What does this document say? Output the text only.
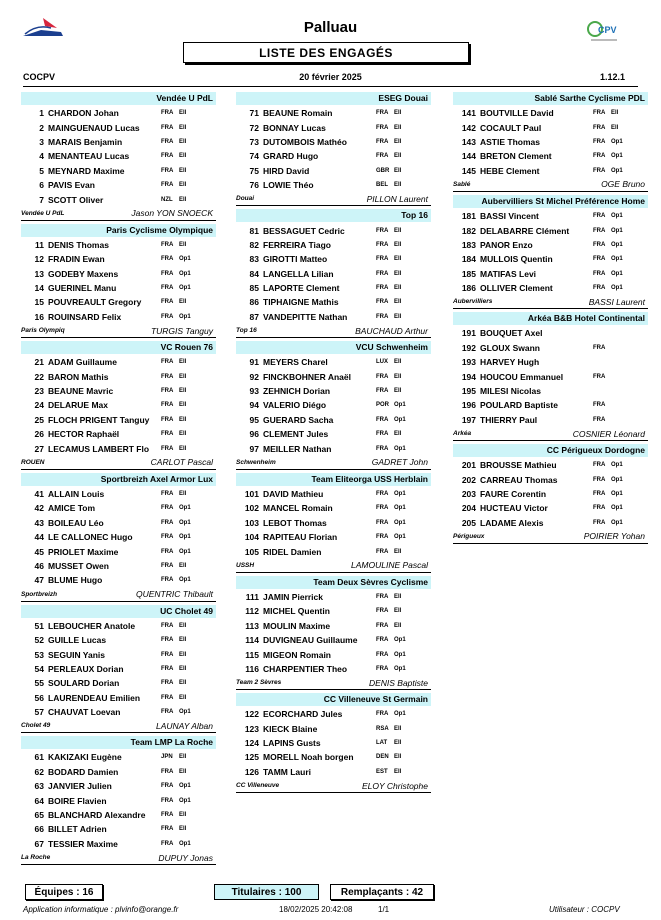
CPV
Palluau
LISTE DES ENGAGÉS
COCPV	20 février 2025	1.12.1
Vendée U PdL
1 CHARDON Johan	FRA Ell
2 MAINGUENAUD Lucas	FRA Ell
3 MARAIS Benjamin	FRA Ell
4 MENANTEAU Lucas	FRA Ell
5 MEYNARD Maxime	FRA Ell
6 PAVIS Evan	FRA Ell
7 SCOTT Oliver	NZL	Ell
Vendée U PdL	Jason YON SNOECK
Paris Cyclisme Olympique
11 DENIS Thomas	FRA Ell
12 FRADIN Ewan	FRA Op1
13 GODEBY Maxens	FRA Op1
14 GUERINEL Manu	FRA Op1
15 POUVREAULT Gregory	FRA Ell
16 ROUINSARD Felix	FRA Op1
Paris Olympiq	TURGIS Tanguy
VC Rouen 76
21 ADAM Guillaume	FRA Ell
22 BARON Mathis	FRA Ell
23 BEAUNE Mavric	FRA Ell
24 DELARUE Max	FRA Ell
25 FLOCH PRIGENT Tanguy	FRA Ell
26 HECTOR Raphaël	FRA Ell
27 LECAMUS LAMBERT Flo	FRA Ell
ROUEN	CARLOT Pascal
Sportbreizh Axel Armor Lux
41 ALLAIN Louis	FRA Ell
42 AMICE Tom	FRA Op1
43 BOILEAU Léo	FRA Op1
44 LE CALLONEC Hugo	FRA Op1
45 PRIOLET Maxime	FRA Op1
46 MUSSET Owen	FRA Ell
47 BLUME Hugo	FRA Op1
Sportbreizh	QUENTRIC Thibault
UC Cholet 49
51 LEBOUCHER Anatole	FRA Ell
52 GUILLE Lucas	FRA Ell
53 SEGUIN Yanis	FRA Ell
54 PERLEAUX Dorian	FRA Ell
55 SOULARD Dorian	FRA Ell
56 LAURENDEAU Emilien	FRA Ell
57 CHAUVAT Loevan	FRA Op1
Cholet 49	LAUNAY Alban
Team LMP La Roche
61 KAKIZAKI Eugène	JPN	Ell
62 BODARD Damien	FRA Ell
63 JANVIER Julien	FRA Op1
64 BOIRE Flavien	FRA Op1
65 BLANCHARD Alexandre	FRA Ell
66 BILLET Adrien	FRA Ell
67 TESSIER Maxime	FRA Op1
La Roche	DUPUY Jonas
ESEG Douai
71 BEAUNE Romain	FRA Ell
72 BONNAY Lucas	FRA Ell
73 DUTOMBOIS Mathéo	FRA Ell
74 GRARD Hugo	FRA Ell
75 HIRD David	GBR Ell
76 LOWIE Théo	BEL	Ell
Douai	PILLON Laurent
Top 16
81 BESSAGUET Cedric	FRA Ell
82 FERREIRA Tiago	FRA Ell
83 GIROTTI Matteo	FRA Ell
84 LANGELLA Lilian	FRA Ell
85 LAPORTE Clement	FRA Ell
86 TIPHAIGNE Mathis	FRA Ell
87 VANDEPITTE Nathan	FRA Ell
Top 16	BAUCHAUD Arthur
VCU Schwenheim
91 MEYERS Charel	LUX	Ell
92 FINCKBOHNER Anaël	FRA Ell
93 ZEHNICH Dorian	FRA Ell
94 VALERIO Diégo	POR Op1
95 GUERARD Sacha	FRA Op1
96 CLEMENT Jules	FRA Ell
97 MEILLER Nathan	FRA Op1
Schwenheim	GADRET John
Team Eliteorga USS Herblain
101 DAVID Mathieu	FRA Op1
102 MANCEL Romain	FRA Op1
103 LEBOT Thomas	FRA Op1
104 RAPITEAU Florian	FRA Op1
105 RIDEL Damien	FRA Ell
USSH	LAMOULINE Pascal
Team Deux Sèvres Cyclisme
111 JAMIN Pierrick	FRA Ell
112 MICHEL Quentin	FRA Ell
113 MOULIN Maxime	FRA Ell
114 DUVIGNEAU Guillaume	FRA Op1
115 MIGEON Romain	FRA Op1
116 CHARPENTIER Theo	FRA Op1
Team 2 Sèvres	DENIS Baptiste
CC Villeneuve St Germain
122 ECORCHARD Jules	FRA Op1
123 KIECK Blaine	RSA Ell
124 LAPINS Gusts	LAT	Ell
125 MORELL Noah borgen	DEN Ell
126 TAMM Lauri	EST	Ell
CC Villeneuve	ELOY Christophe
Sablé Sarthe Cyclisme PDL
141 BOUTVILLE David	FRA Ell
142 COCAULT Paul	FRA Ell
143 ASTIE Thomas	FRA Op1
144 BRETON Clement	FRA Op1
145 HEBE Clement	FRA Op1
Sablé	OGE Bruno
Aubervilliers St Michel Préférence Home
181 BASSI Vincent	FRA Op1
182 DELABARRE Clément	FRA Op1
183 PANOR Enzo	FRA Op1
184 MULLOIS Quentin	FRA Op1
185 MATIFAS Levi	FRA Op1
186 OLLIVER Clement	FRA Op1
Aubervilliers	BASSI Laurent
Arkéa B&B Hotel Continental
191 BOUQUET Axel
192 GLOUX Swann	FRA
193 HARVEY Hugh
194 HOUCOU Emmanuel	FRA
195 MILESI Nicolas
196 POULARD Baptiste	FRA
197 THIERRY Paul	FRA
Arkéa	COSNIER Léonard
CC Périgueux Dordogne
201 BROUSSE Mathieu	FRA Op1
202 CARREAU Thomas	FRA Op1
203 FAURE Corentin	FRA Op1
204 HUCTEAU Victor	FRA Op1
205 LADAME Alexis	FRA Op1
Périgueux	POIRIER Yohan
Équipes : 16	Titulaires : 100	Remplaçants : 42
Application informatique : plvinfo@orange.fr	18/02/2025 20:42:08	1/1	Utilisateur : COCPV
